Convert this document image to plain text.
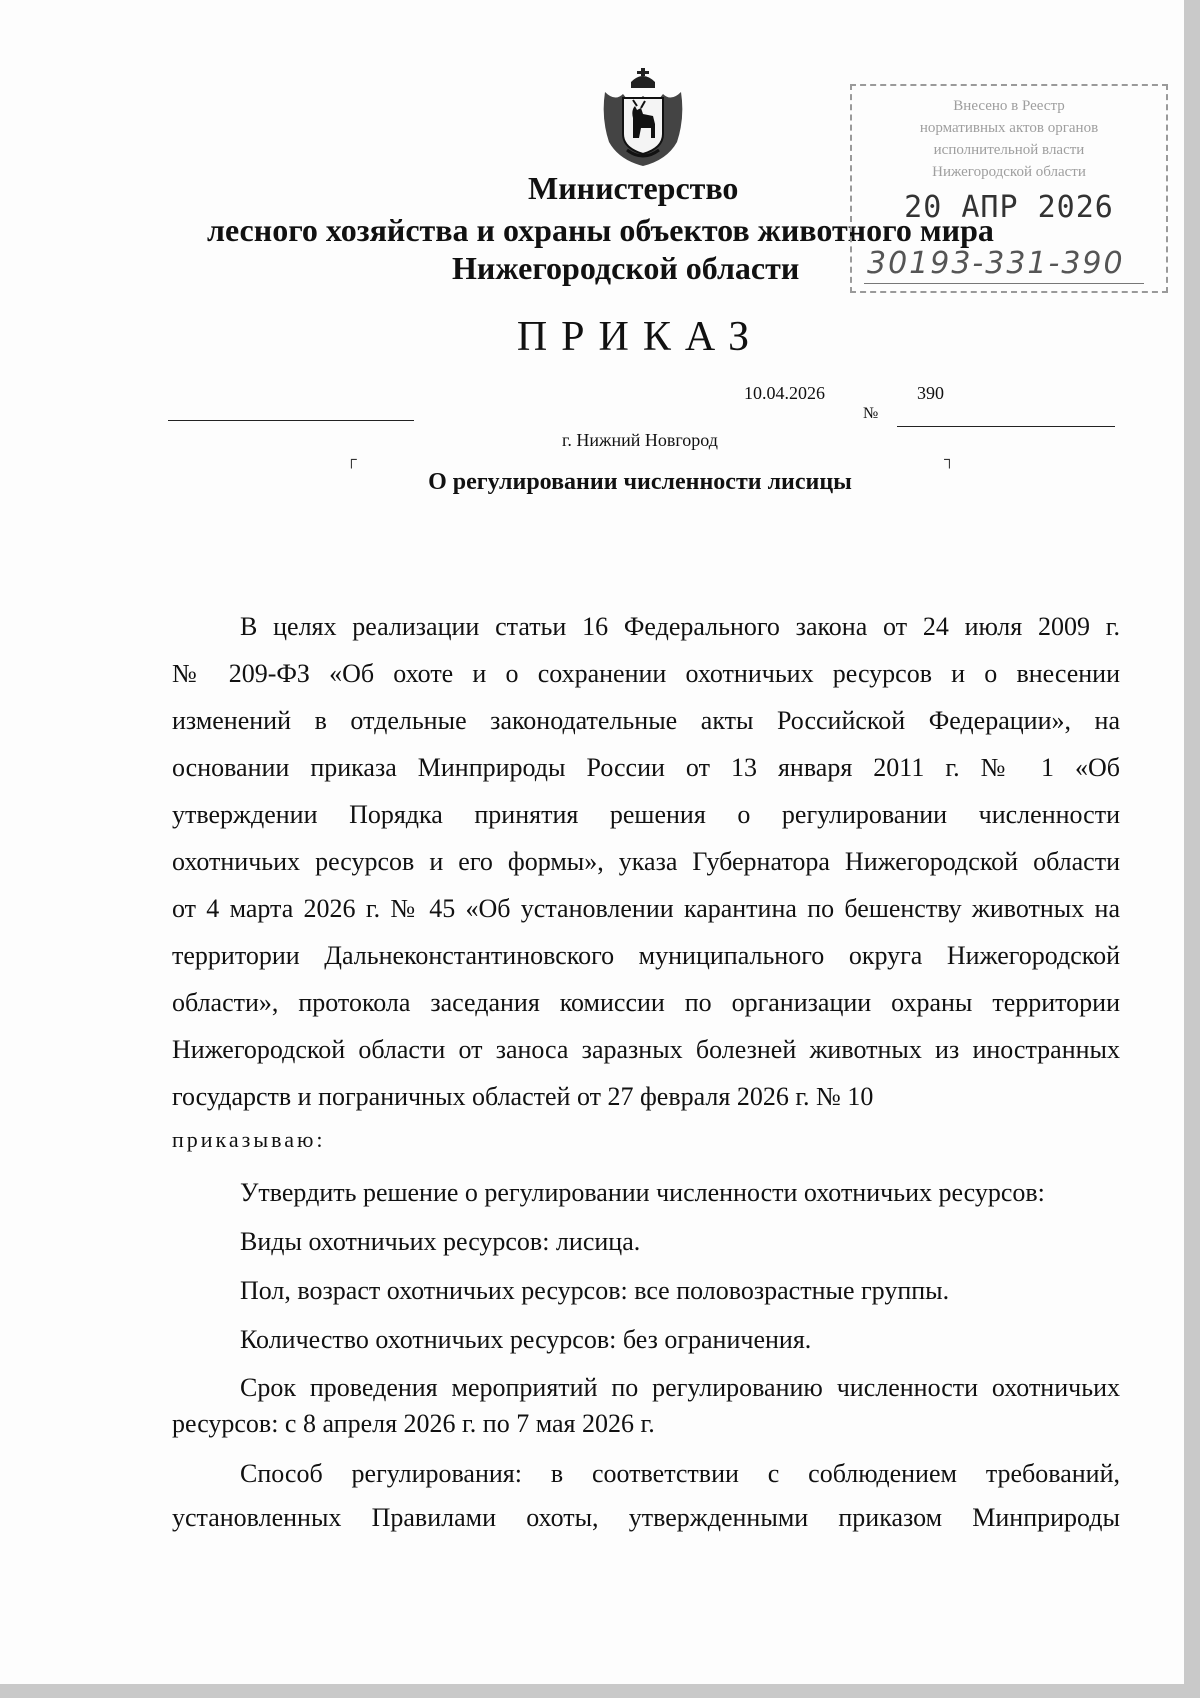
Министерство
лесного хозяйства и охраны объектов животного мира
Нижегородской области
Внесено в Реестр
нормативных актов органов
исполнительной власти
Нижегородской области
20 АПР 2026
30193-331-390
ПРИКАЗ
10.04.2026	390
№
г. Нижний Новгород
┌	┐
О регулировании численности лисицы
В целях реализации статьи 16 Федерального закона от 24 июля 2009 г.
№ 209-ФЗ «Об охоте и о сохранении охотничьих ресурсов и о внесении
изменений в отдельные законодательные акты Российской Федерации», на
основании приказа Минприроды России от 13 января 2011 г. № 1 «Об
утверждении Порядка принятия решения о регулировании численности
охотничьих ресурсов и его формы», указа Губернатора Нижегородской области
от 4 марта 2026 г. № 45 «Об установлении карантина по бешенству животных на
территории Дальнеконстантиновского муниципального округа Нижегородской
области», протокола заседания комиссии по организации охраны территории
Нижегородской области от заноса заразных болезней животных из иностранных
государств и пограничных областей от 27 февраля 2026 г. № 10
приказываю:
Утвердить решение о регулировании численности охотничьих ресурсов:
Виды охотничьих ресурсов: лисица.
Пол, возраст охотничьих ресурсов: все половозрастные группы.
Количество охотничьих ресурсов: без ограничения.
Срок проведения мероприятий по регулированию численности охотничьих
ресурсов: с 8 апреля 2026 г. по 7 мая 2026 г.
Способ регулирования: в соответствии с соблюдением требований,
установленных Правилами охоты, утвержденными приказом Минприроды
